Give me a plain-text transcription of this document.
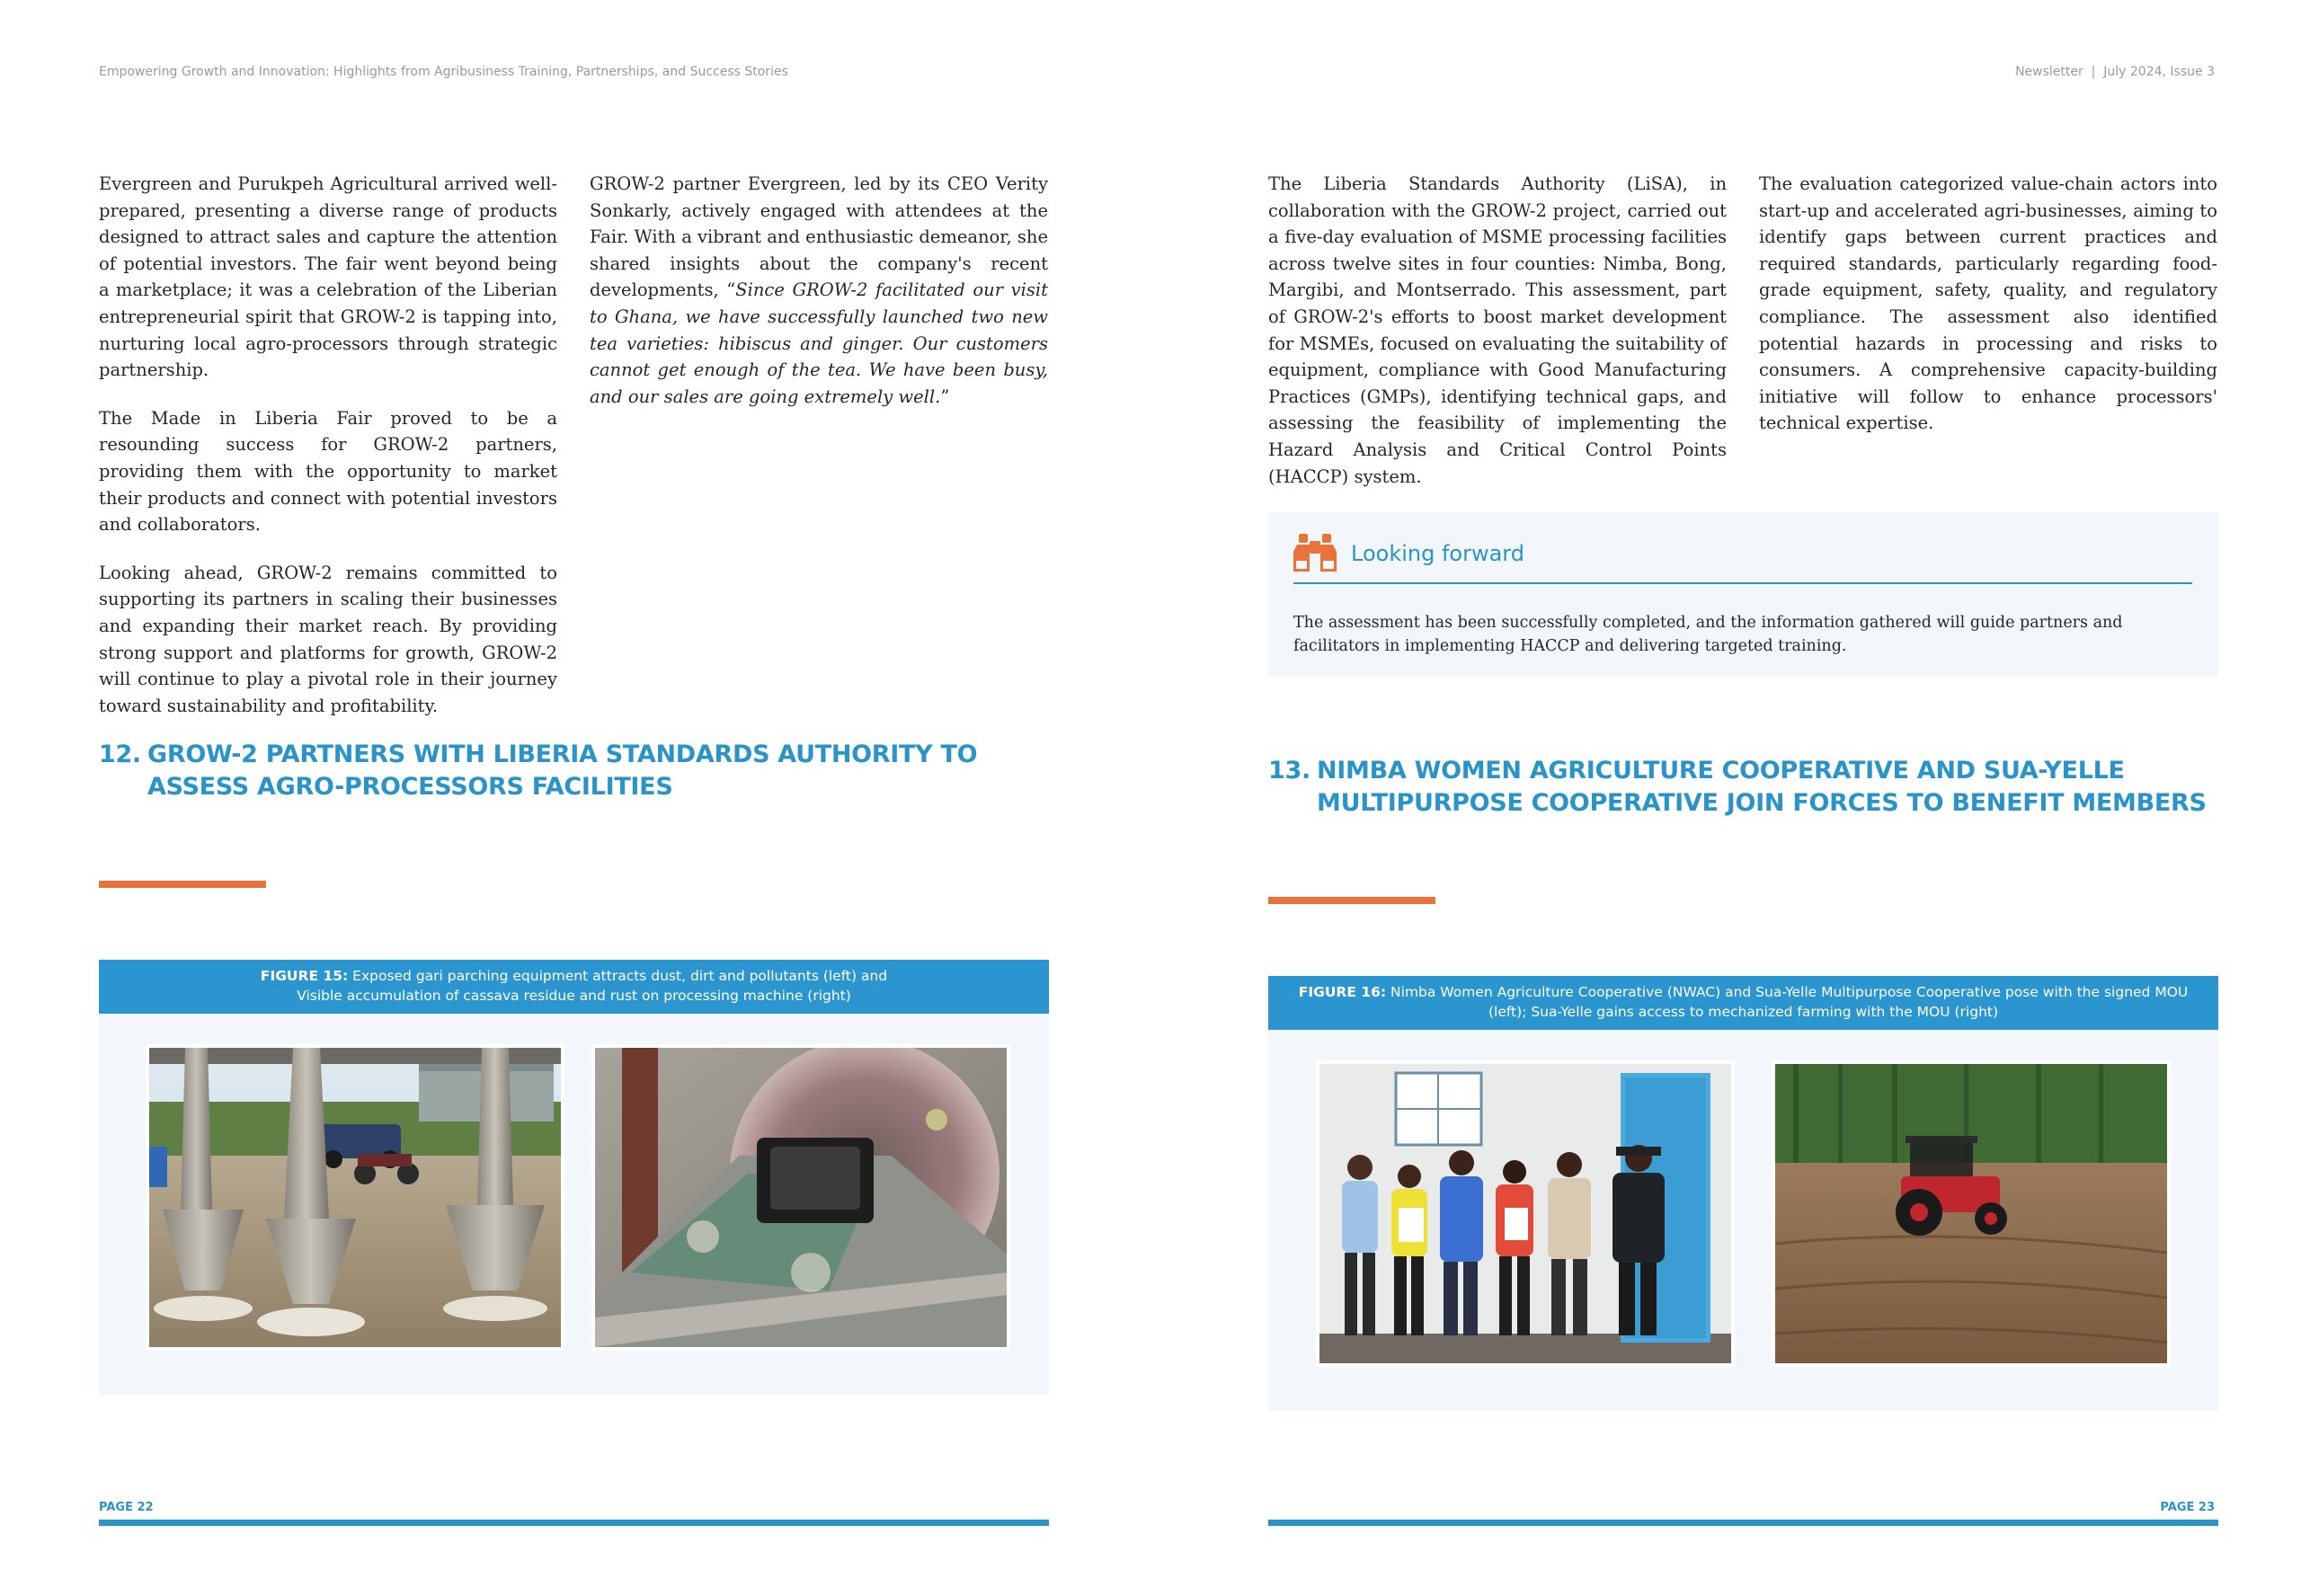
Empowering Growth and Innovation: Highlights from Agribusiness Training, Partnerships, and Success Stories

Evergreen and Purukpeh Agricultural arrived well-prepared, presenting a diverse range of products designed to attract sales and capture the attention of potential investors. The fair went beyond being a marketplace; it was a celebration of the Liberian entrepreneurial spirit that GROW-2 is tapping into, nurturing local agro-processors through strategic partnership.

The Made in Liberia Fair proved to be a resounding success for GROW-2 partners, providing them with the opportunity to market their products and connect with potential investors and collaborators.

Looking ahead, GROW-2 remains committed to supporting its partners in scaling their businesses and expanding their market reach. By providing strong support and platforms for growth, GROW-2 will continue to play a pivotal role in their journey toward sustainability and profitability.

GROW-2 partner Evergreen, led by its CEO Verity Sonkarly, actively engaged with attendees at the Fair. With a vibrant and enthusiastic demeanor, she shared insights about the company's recent developments, “Since GROW-2 facilitated our visit to Ghana, we have successfully launched two new tea varieties: hibiscus and ginger. Our customers cannot get enough of the tea. We have been busy, and our sales are going extremely well.”

12. GROW-2 PARTNERS WITH LIBERIA STANDARDS AUTHORITY TO ASSESS AGRO-PROCESSORS FACILITIES
FIGURE 15: Exposed gari parching equipment attracts dust, dirt and pollutants (left) and
Visible accumulation of cassava residue and rust on processing machine (right)
PAGE 22
Newsletter  |  July 2024, Issue 3

The Liberia Standards Authority (LiSA), in collaboration with the GROW-2 project, carried out a five-day evaluation of MSME processing facilities across twelve sites in four counties: Nimba, Bong, Margibi, and Montserrado. This assessment, part of GROW-2's efforts to boost market development for MSMEs, focused on evaluating the suitability of equipment, compliance with Good Manufacturing Practices (GMPs), identifying technical gaps, and assessing the feasibility of implementing the Hazard Analysis and Critical Control Points (HACCP) system.

The evaluation categorized value-chain actors into start-up and accelerated agri-businesses, aiming to identify gaps between current practices and required standards, particularly regarding food-grade equipment, safety, quality, and regulatory compliance. The assessment also identified potential hazards in processing and risks to consumers. A comprehensive capacity-building initiative will follow to enhance processors' technical expertise.

Looking forward
The assessment has been successfully completed, and the information gathered will guide partners and facilitators in implementing HACCP and delivering targeted training.
13. NIMBA WOMEN AGRICULTURE COOPERATIVE AND SUA-YELLE MULTIPURPOSE COOPERATIVE JOIN FORCES TO BENEFIT MEMBERS
FIGURE 16: Nimba Women Agriculture Cooperative (NWAC) and Sua-Yelle Multipurpose Cooperative pose with the signed MOU
(left); Sua-Yelle gains access to mechanized farming with the MOU (right)
PAGE 23
